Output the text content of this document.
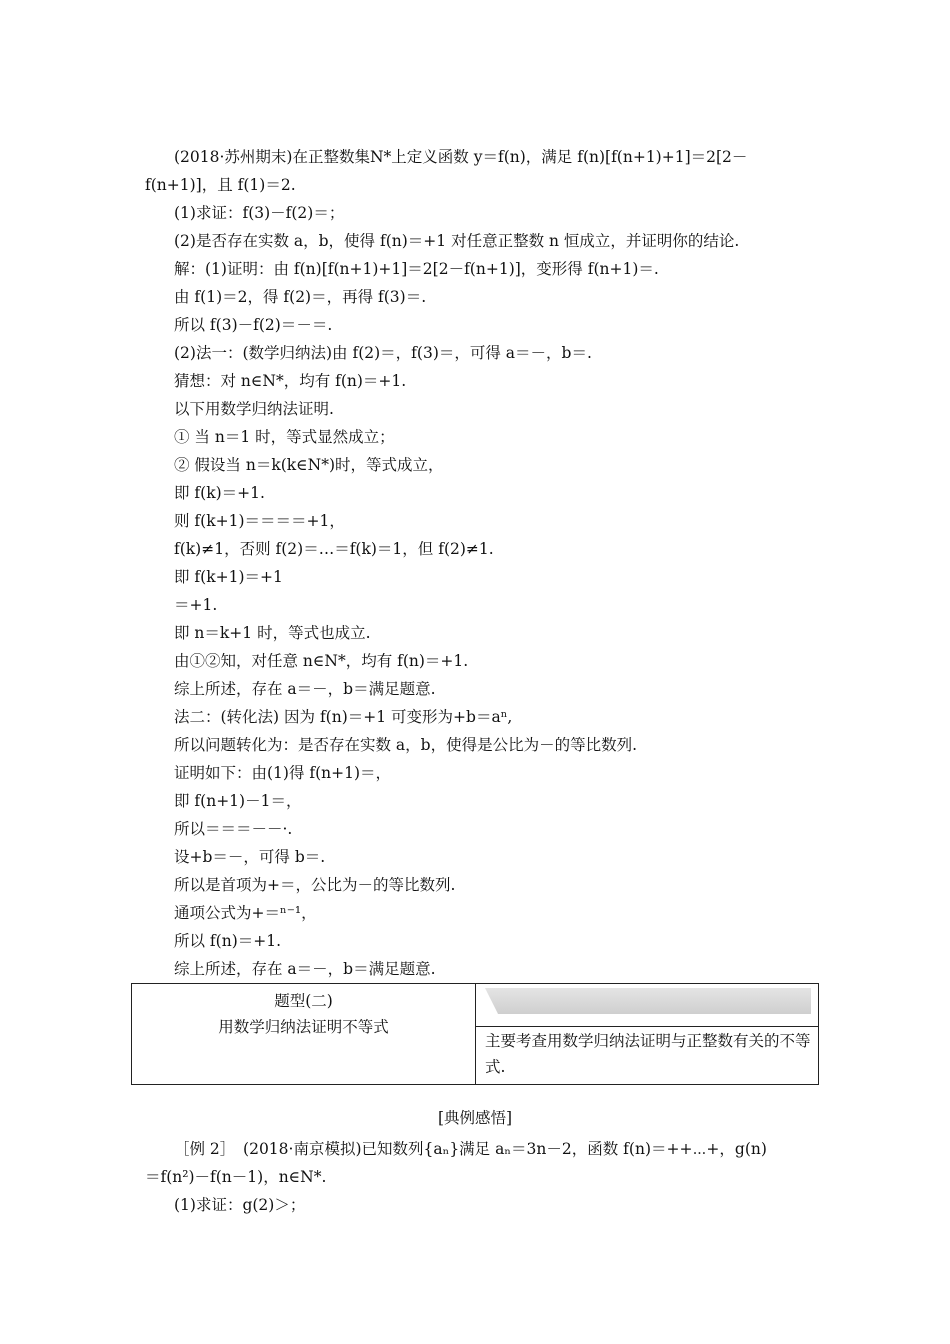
(2018·苏州期末)在正整数集N*上定义函数 y＝f(n)，满足 f(n)[f(n+1)+1]＝2[2－
f(n+1)]，且 f(1)＝2.
(1)求证：f(3)－f(2)＝；
(2)是否存在实数 a，b，使得 f(n)＝+1 对任意正整数 n 恒成立，并证明你的结论.
解：(1)证明：由 f(n)[f(n+1)+1]＝2[2－f(n+1)]，变形得 f(n+1)＝.
由 f(1)＝2，得 f(2)＝，再得 f(3)＝.
所以 f(3)－f(2)＝－＝.
(2)法一：(数学归纳法)由 f(2)＝，f(3)＝，可得 a＝－，b＝.
猜想：对 n∈N*，均有 f(n)＝+1.
以下用数学归纳法证明.
① 当 n＝1 时，等式显然成立；
② 假设当 n＝k(k∈N*)时，等式成立，
即 f(k)＝+1.
则 f(k+1)＝＝＝＝+1，
f(k)≠1，否则 f(2)＝…＝f(k)＝1，但 f(2)≠1.
即 f(k+1)＝+1
＝+1.
即 n＝k+1 时，等式也成立.
由①②知，对任意 n∈N*，均有 f(n)＝+1.
综上所述，存在 a＝－，b＝满足题意.
法二：(转化法) 因为 f(n)＝+1 可变形为+b＝aⁿ,
所以问题转化为：是否存在实数 a，b，使得是公比为－的等比数列.
证明如下：由(1)得 f(n+1)＝，
即 f(n+1)－1＝，
所以＝＝＝－－·.
设+b＝－，可得 b＝.
所以是首项为+＝，公比为－的等比数列.
通项公式为+＝ⁿ⁻¹，
所以 f(n)＝+1.
综上所述，存在 a＝－，b＝满足题意.
题型(二)
用数学归纳法证明不等式
主要考查用数学归纳法证明与正整数有关的不等式.
[典例感悟]
［例 2］　(2018·南京模拟)已知数列{aₙ}满足 aₙ＝3n－2，函数 f(n)＝++⋯+，g(n)
＝f(n²)－f(n－1)，n∈N*.
(1)求证：g(2)＞；
